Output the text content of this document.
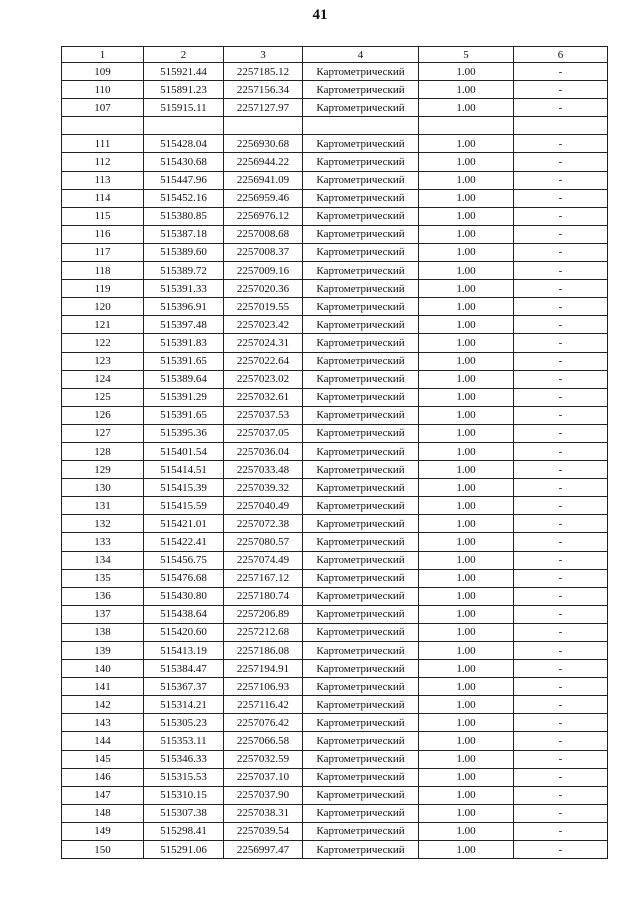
41
1	2	3	4	5	6
109	515921.44	2257185.12	Картометрический	1.00	-
110	515891.23	2257156.34	Картометрический	1.00	-
107	515915.11	2257127.97	Картометрический	1.00	-

111	515428.04	2256930.68	Картометрический	1.00	-
112	515430.68	2256944.22	Картометрический	1.00	-
113	515447.96	2256941.09	Картометрический	1.00	-
114	515452.16	2256959.46	Картометрический	1.00	-
115	515380.85	2256976.12	Картометрический	1.00	-
116	515387.18	2257008.68	Картометрический	1.00	-
117	515389.60	2257008.37	Картометрический	1.00	-
118	515389.72	2257009.16	Картометрический	1.00	-
119	515391.33	2257020.36	Картометрический	1.00	-
120	515396.91	2257019.55	Картометрический	1.00	-
121	515397.48	2257023.42	Картометрический	1.00	-
122	515391.83	2257024.31	Картометрический	1.00	-
123	515391.65	2257022.64	Картометрический	1.00	-
124	515389.64	2257023.02	Картометрический	1.00	-
125	515391.29	2257032.61	Картометрический	1.00	-
126	515391.65	2257037.53	Картометрический	1.00	-
127	515395.36	2257037.05	Картометрический	1.00	-
128	515401.54	2257036.04	Картометрический	1.00	-
129	515414.51	2257033.48	Картометрический	1.00	-
130	515415.39	2257039.32	Картометрический	1.00	-
131	515415.59	2257040.49	Картометрический	1.00	-
132	515421.01	2257072.38	Картометрический	1.00	-
133	515422.41	2257080.57	Картометрический	1.00	-
134	515456.75	2257074.49	Картометрический	1.00	-
135	515476.68	2257167.12	Картометрический	1.00	-
136	515430.80	2257180.74	Картометрический	1.00	-
137	515438.64	2257206.89	Картометрический	1.00	-
138	515420.60	2257212.68	Картометрический	1.00	-
139	515413.19	2257186.08	Картометрический	1.00	-
140	515384.47	2257194.91	Картометрический	1.00	-
141	515367.37	2257106.93	Картометрический	1.00	-
142	515314.21	2257116.42	Картометрический	1.00	-
143	515305.23	2257076.42	Картометрический	1.00	-
144	515353.11	2257066.58	Картометрический	1.00	-
145	515346.33	2257032.59	Картометрический	1.00	-
146	515315.53	2257037.10	Картометрический	1.00	-
147	515310.15	2257037.90	Картометрический	1.00	-
148	515307.38	2257038.31	Картометрический	1.00	-
149	515298.41	2257039.54	Картометрический	1.00	-
150	515291.06	2256997.47	Картометрический	1.00	-
